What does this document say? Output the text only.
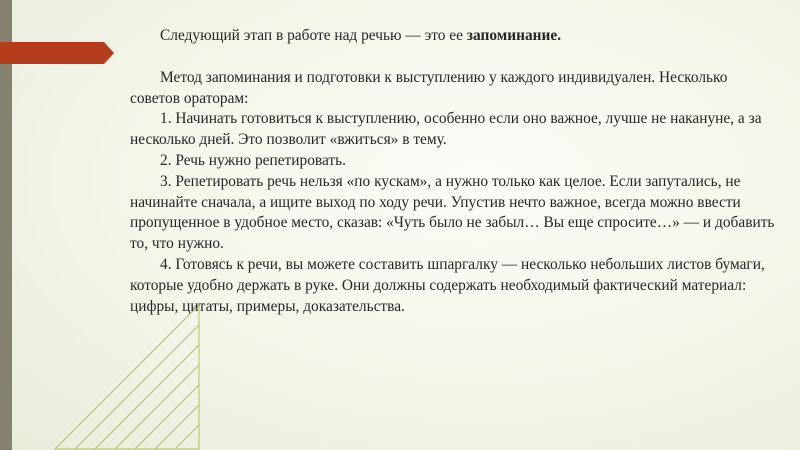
Следующий этап в работе над речью — это ее запоминание.

Метод запоминания и подготовки к выступлению у каждого индивидуален. Несколько советов ораторам:

1. Начинать готовиться к выступлению, особенно если оно важное, лучше не накануне, а за несколько дней. Это позволит «вжиться» в тему.

2. Речь нужно репетировать.

3. Репетировать речь нельзя «по кускам», а нужно только как целое. Если запутались, не начинайте сначала, а ищите выход по ходу речи. Упустив нечто важное, всегда можно ввести пропущенное в удобное место, сказав: «Чуть было не забыл… Вы еще спросите…» — и добавить то, что нужно.

4. Готовясь к речи, вы можете составить шпаргалку — несколько небольших листов бумаги, которые удобно держать в руке. Они должны содержать необходимый фактический материал: цифры, цитаты, примеры, доказательства.
